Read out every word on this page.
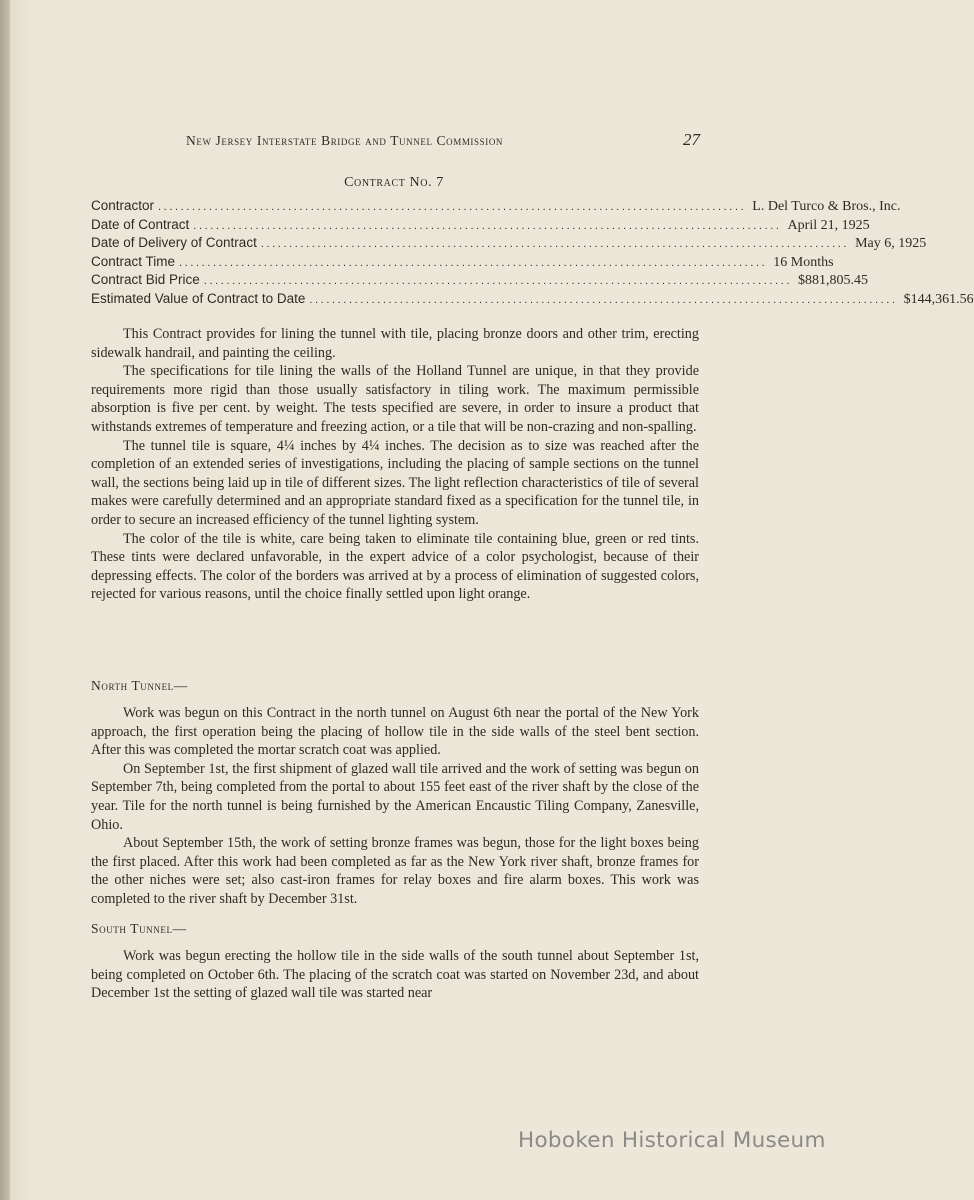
New Jersey Interstate Bridge and Tunnel Commission	27
Contract No. 7
Contractor ........................................................................................................ L. Del Turco & Bros., Inc.
Date of Contract ........................................................................................................ April 21, 1925
Date of Delivery of Contract ........................................................................................................ May 6, 1925
Contract Time ........................................................................................................ 16 Months
Contract Bid Price ........................................................................................................ $881,805.45
Estimated Value of Contract to Date ........................................................................................................ $144,361.56

This Contract provides for lining the tunnel with tile, placing bronze doors and other trim, erecting sidewalk handrail, and painting the ceiling.

The specifications for tile lining the walls of the Holland Tunnel are unique, in that they provide requirements more rigid than those usually satisfactory in tiling work. The maximum permissible absorption is five per cent. by weight. The tests specified are severe, in order to insure a product that withstands extremes of temperature and freezing action, or a tile that will be non-crazing and non-spalling.

The tunnel tile is square, 4¼ inches by 4¼ inches. The decision as to size was reached after the completion of an extended series of investigations, including the placing of sample sections on the tunnel wall, the sections being laid up in tile of different sizes. The light reflection characteristics of tile of several makes were carefully determined and an appropriate standard fixed as a specification for the tunnel tile, in order to secure an increased efficiency of the tunnel lighting system.

The color of the tile is white, care being taken to eliminate tile containing blue, green or red tints. These tints were declared unfavorable, in the expert advice of a color psychologist, because of their depressing effects. The color of the borders was arrived at by a process of elimination of suggested colors, rejected for various reasons, until the choice finally settled upon light orange.

North Tunnel—

Work was begun on this Contract in the north tunnel on August 6th near the portal of the New York approach, the first operation being the placing of hollow tile in the side walls of the steel bent section. After this was completed the mortar scratch coat was applied.

On September 1st, the first shipment of glazed wall tile arrived and the work of setting was begun on September 7th, being completed from the portal to about 155 feet east of the river shaft by the close of the year. Tile for the north tunnel is being furnished by the American Encaustic Tiling Company, Zanesville, Ohio.

About September 15th, the work of setting bronze frames was begun, those for the light boxes being the first placed. After this work had been completed as far as the New York river shaft, bronze frames for the other niches were set; also cast-iron frames for relay boxes and fire alarm boxes. This work was completed to the river shaft by December 31st.

South Tunnel—

Work was begun erecting the hollow tile in the side walls of the south tunnel about September 1st, being completed on October 6th. The placing of the scratch coat was started on November 23d, and about December 1st the setting of glazed wall tile was started near

Hoboken Historical Museum
